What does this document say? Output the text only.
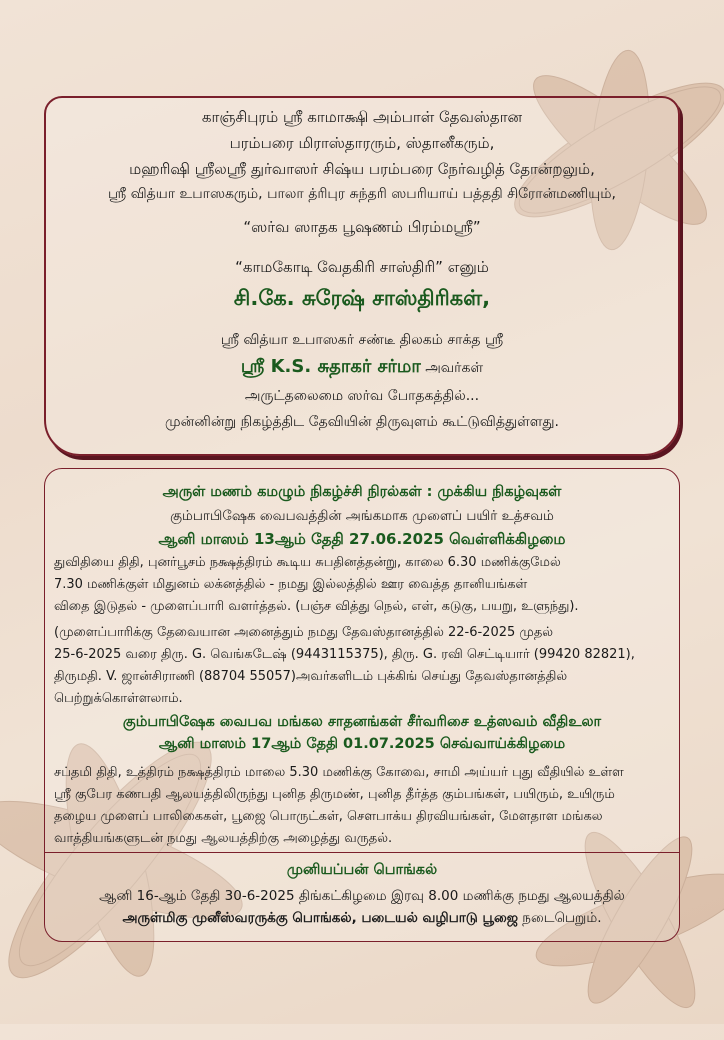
காஞ்சிபுரம் ஸ்ரீ காமாக்ஷி அம்பாள் தேவஸ்தான
பரம்பரை மிராஸ்தாரரும், ஸ்தானீகரும்,
மஹரிஷி ஸ்ரீலஸ்ரீ துர்வாஸர் சிஷ்ய பரம்பரை நேர்வழித் தோன்றலும்,
ஸ்ரீ வித்யா உபாஸகரும், பாலா த்ரிபுர சுந்தரி ஸபரியாய் பத்ததி சிரோன்மணியும்,
“ஸர்வ ஸாதக பூஷணம் பிரம்மஸ்ரீ”
“காமகோடி வேதகிரி சாஸ்திரி” எனும்
சி.கே. சுரேஷ் சாஸ்திரிகள்,
ஸ்ரீ வித்யா உபாஸகர் சண்டீ திலகம் சாக்த ஸ்ரீ
ஸ்ரீ K.S. சுதாகர் சர்மா அவர்கள்
அருட்தலைமை ஸர்வ போதகத்தில்...
முன்னின்று நிகழ்த்திட தேவியின் திருவுளம் கூட்டுவித்துள்ளது.
அருள் மணம் கமழும் நிகழ்ச்சி நிரல்கள் : முக்கிய நிகழ்வுகள்
கும்பாபிஷேக வைபவத்தின் அங்கமாக முளைப் பயிர் உத்சவம்
ஆனி மாஸம் 13ஆம் தேதி 27.06.2025 வெள்ளிக்கிழமை
துவிதியை திதி, புனர்பூசம் நக்ஷத்திரம் கூடிய சுபதினத்தன்று, காலை 6.30 மணிக்குமேல்
7.30 மணிக்குள் மிதுனம் லக்னத்தில் - நமது இல்லத்தில் ஊர வைத்த தானியங்கள்
விதை இடுதல் - முளைப்பாரி வளர்த்தல். (பஞ்ச வித்து நெல், எள், கடுகு, பயறு, உளுந்து).
(முளைப்பாரிக்கு தேவையான அனைத்தும் நமது தேவஸ்தானத்தில் 22-6-2025 முதல்
25-6-2025 வரை திரு. G. வெங்கடேஷ் (9443115375), திரு. G. ரவி செட்டியார் (99420 82821),
திருமதி. V. ஜான்சிராணி (88704 55057)அவர்களிடம் புக்கிங் செய்து தேவஸ்தானத்தில்
பெற்றுக்கொள்ளலாம்.
கும்பாபிஷேக வைபவ மங்கல சாதனங்கள் சீர்வரிசை உத்ஸவம் வீதிஉலா
ஆனி மாஸம் 17ஆம் தேதி 01.07.2025 செவ்வாய்க்கிழமை
சப்தமி திதி, உத்திரம் நக்ஷத்திரம் மாலை 5.30 மணிக்கு கோவை, சாமி அய்யர் புது வீதியில் உள்ள
ஸ்ரீ குபேர கணபதி ஆலயத்திலிருந்து புனித திருமண், புனித தீர்த்த கும்பங்கள், பயிரும், உயிரும்
தழைய முளைப் பாலிகைகள், பூஜை பொருட்கள், சௌபாக்ய திரவியங்கள், மேளதாள மங்கல
வாத்தியங்களுடன் நமது ஆலயத்திற்கு அழைத்து வருதல்.
முனியப்பன் பொங்கல்
ஆனி 16-ஆம் தேதி 30-6-2025 திங்கட்கிழமை இரவு 8.00 மணிக்கு நமது ஆலயத்தில்
அருள்மிகு முனீஸ்வரருக்கு பொங்கல், படையல் வழிபாடு பூஜை நடைபெறும்.
